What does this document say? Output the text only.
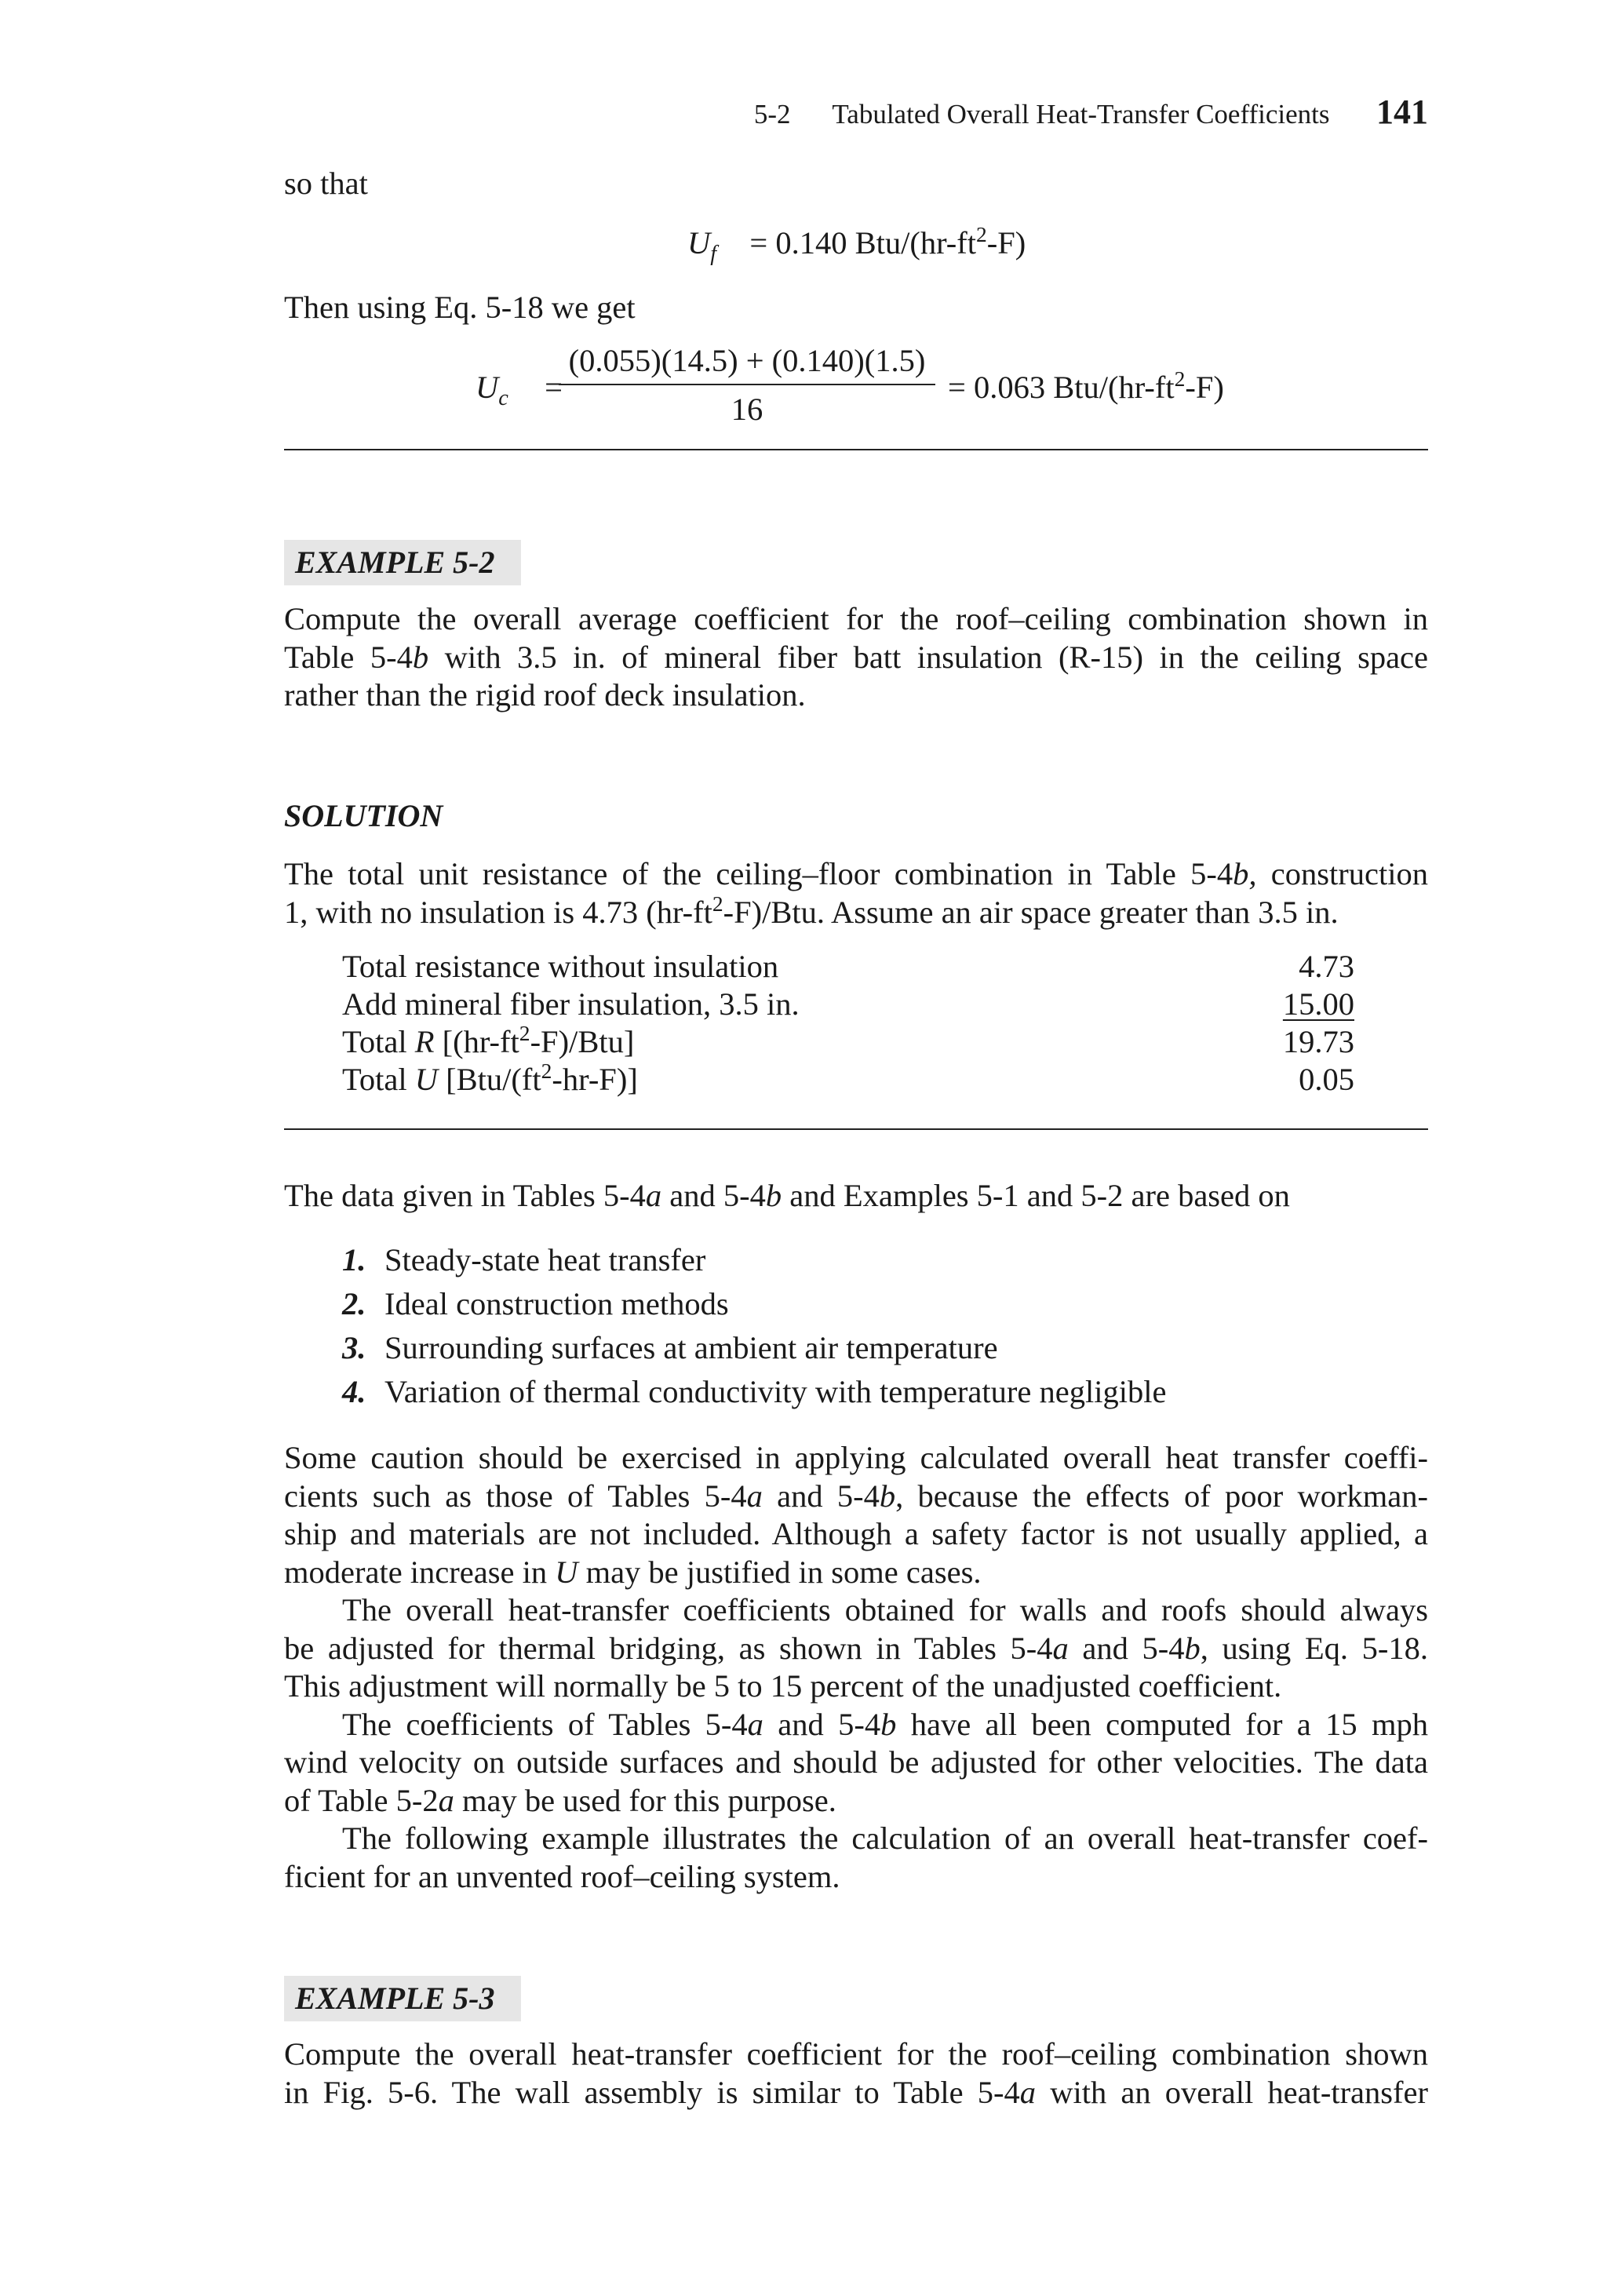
5-2 Tabulated Overall Heat-Transfer Coefficients 141
so that
$U_f = 0.140$ Btu/$(hr-ft^2-F)$
Then using Eq. 5-18 we get
$U_c$ =
(0.055)(14.5) + (0.140)(1.5)
16
= 0.063 Btu/$(hr-ft^2-F)$
EXAMPLE 5-2
Compute the overall average coefficient for the roof–ceiling combination shown in
Table 5-4b with 3.5 in. of mineral fiber batt insulation (R-15) in the ceiling space
rather than the rigid roof deck insulation.
SOLUTION
The total unit resistance of the ceiling–floor combination in Table 5-4b, construction
1, with no insulation is 4.73 $(hr-ft^2-F)$/Btu. Assume an air space greater than 3.5 in.
Total resistance without insulation	4.73
Add mineral fiber insulation, 3.5 in.	15.00
Total R $[(hr-ft^2-F)/Btu]$	19.73
Total U $[Btu/(ft^2-hr-F)]$	0.05
The data given in Tables 5-4a and 5-4b and Examples 5-1 and 5-2 are based on
1. Steady-state heat transfer
2. Ideal construction methods
3. Surrounding surfaces at ambient air temperature
4. Variation of thermal conductivity with temperature negligible
Some caution should be exercised in applying calculated overall heat transfer coeffi-
cients such as those of Tables 5-4a and 5-4b, because the effects of poor workman-
ship and materials are not included. Although a safety factor is not usually applied, a
moderate increase in U may be justified in some cases.
The overall heat-transfer coefficients obtained for walls and roofs should always
be adjusted for thermal bridging, as shown in Tables 5-4a and 5-4b, using Eq. 5-18.
This adjustment will normally be 5 to 15 percent of the unadjusted coefficient.
The coefficients of Tables 5-4a and 5-4b have all been computed for a 15 mph
wind velocity on outside surfaces and should be adjusted for other velocities. The data
of Table 5-2a may be used for this purpose.
The following example illustrates the calculation of an overall heat-transfer coef-
ficient for an unvented roof–ceiling system.
EXAMPLE 5-3
Compute the overall heat-transfer coefficient for the roof–ceiling combination shown
in Fig. 5-6. The wall assembly is similar to Table 5-4a with an overall heat-transfer
